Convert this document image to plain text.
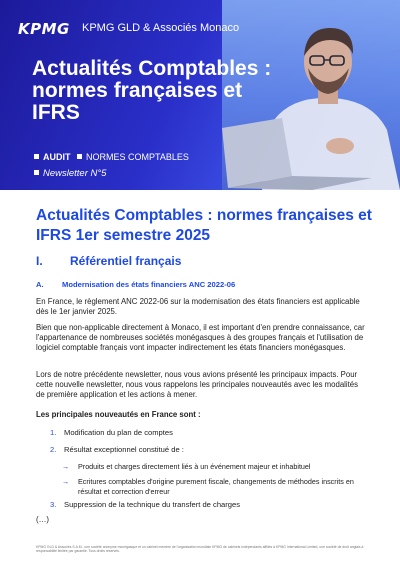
KPMG KPMG GLD & Associés Monaco
Actualités Comptables : normes françaises et IFRS
AUDIT NORMES COMPTABLES
Newsletter N°5
Actualités Comptables : normes françaises et IFRS 1er semestre 2025
I. Référentiel français
A. Modernisation des états financiers ANC 2022-06
En France, le règlement ANC 2022-06 sur la modernisation des états financiers est applicable dès le 1er janvier 2025.
Bien que non-applicable directement à Monaco, il est important d'en prendre connaissance, car l'appartenance de nombreuses sociétés monégasques à des groupes français et l'utilisation de logiciel comptable français vont impacter indirectement les états financiers monégasques.
Lors de notre précédente newsletter, nous vous avions présenté les principaux impacts. Pour cette nouvelle newsletter, nous vous rappelons les principales nouveautés avec les modalités de première application et les actions à mener.
Les principales nouveautés en France sont :
1. Modification du plan de comptes
2. Résultat exceptionnel constitué de :
→ Produits et charges directement liés à un événement majeur et inhabituel
→ Ecritures comptables d'origine purement fiscale, changements de méthodes inscrits en résultat et correction d'erreur
3. Suppression de la technique du transfert de charges
(…)
KPMG GLD & Associés S.A.M., une société anonyme monégasque et un cabinet membre de l'organisation mondiale KPMG de cabinets indépendants affiliés à KPMG International Limited, une société de droit anglais à responsabilité limitée par garantie. Tous droits réservés.
